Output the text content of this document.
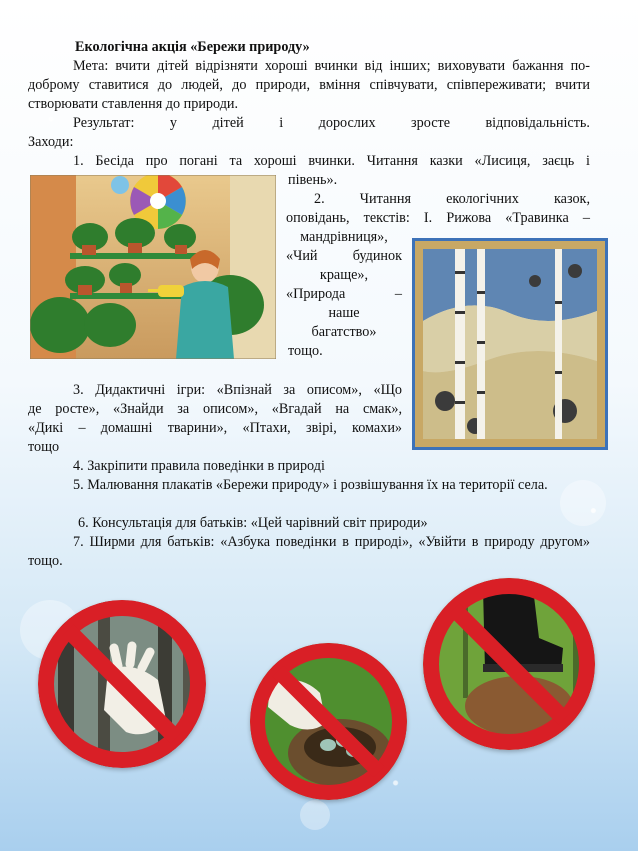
Екологічна акція «Бережи природу»
Мета: вчити дітей відрізняти хороші вчинки від інших; виховувати бажання по-доброму ставитися до людей, до природи, вміння співчувати, співпереживати; вчити створювати ставлення до природи.
Результат: у дітей і дорослих зросте відповідальність.
Заходи:
1. Бесіда про погані та хороші вчинки. Читання казки «Лисиця, заєць і
півень».
2. Читання екологічних казок,
оповідань, текстів: І. Рижова «Травинка –
мандрівниця»,
«Чий будинок
краще»,
«Природа –
наше
багатство»
тощо.
3. Дидактичні ігри: «Впізнай за описом», «Що
де росте», «Знайди за описом», «Вгадай на смак»,
«Дикі – домашні тварини», «Птахи, звірі, комахи»
тощо
4. Закріпити правила поведінки в природі
5. Малювання плакатів «Бережи природу» і розвішування їх на території села.
6. Консультація для батьків: «Цей чарівний світ природи»
7. Ширми для батьків: «Азбука поведінки в природі», «Увійти в природу другом» тощо.
